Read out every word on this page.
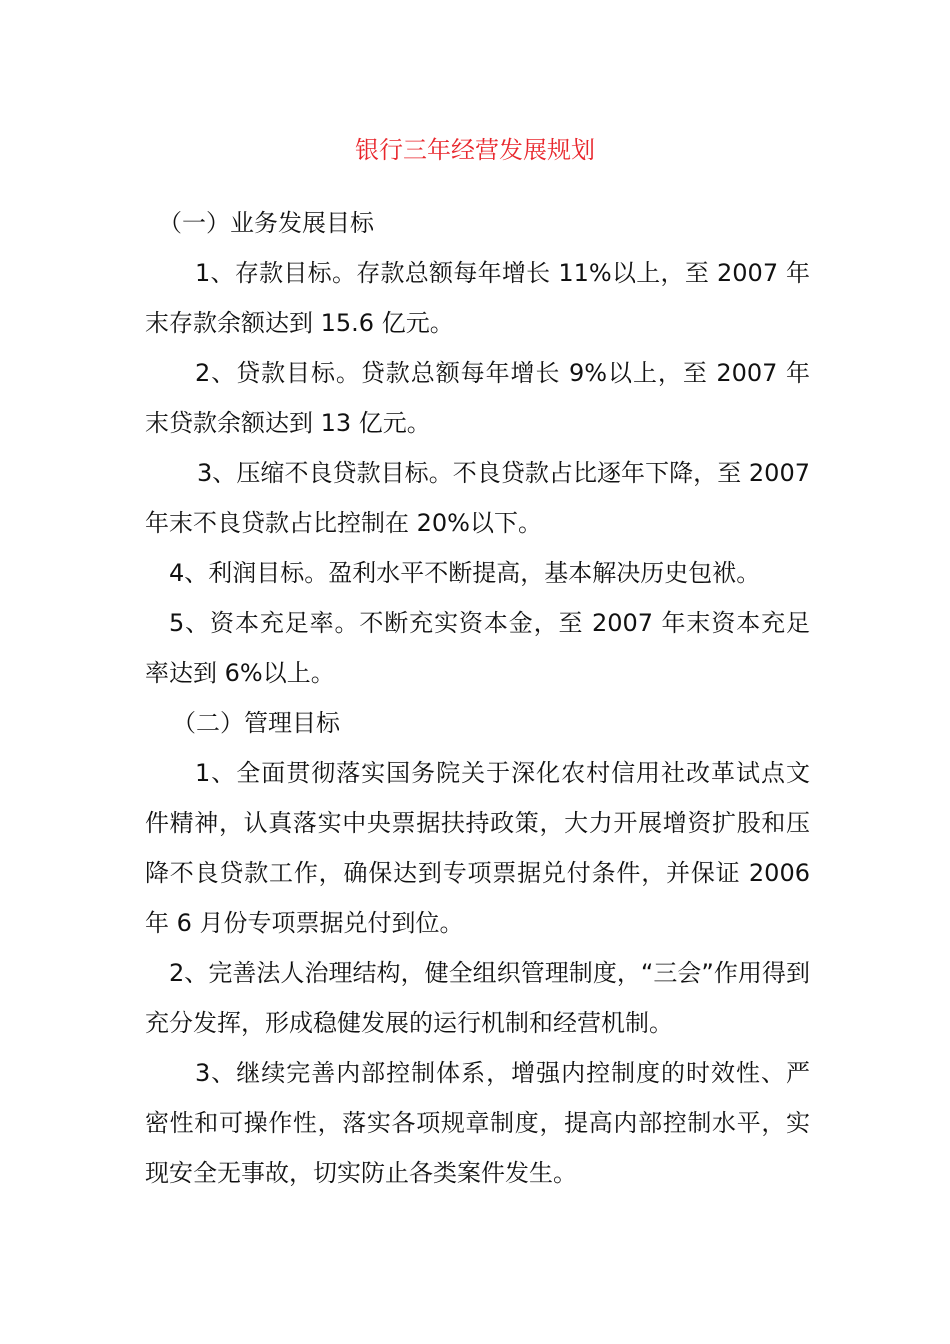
银行三年经营发展规划
（一）业务发展目标
1、存款目标。存款总额每年增长 11%以上，至 2007 年末存款余额达到 15.6 亿元。
2、贷款目标。贷款总额每年增长 9%以上，至 2007 年末贷款余额达到 13 亿元。
3、压缩不良贷款目标。不良贷款占比逐年下降，至 2007 年末不良贷款占比控制在 20%以下。
4、利润目标。盈利水平不断提高，基本解决历史包袱。
5、资本充足率。不断充实资本金，至 2007 年末资本充足率达到 6%以上。
（二）管理目标
1、全面贯彻落实国务院关于深化农村信用社改革试点文件精神，认真落实中央票据扶持政策，大力开展增资扩股和压降不良贷款工作，确保达到专项票据兑付条件，并保证 2006 年 6 月份专项票据兑付到位。
2、完善法人治理结构，健全组织管理制度，“三会”作用得到充分发挥，形成稳健发展的运行机制和经营机制。
3、继续完善内部控制体系，增强内控制度的时效性、严密性和可操作性，落实各项规章制度，提高内部控制水平，实现安全无事故，切实防止各类案件发生。
